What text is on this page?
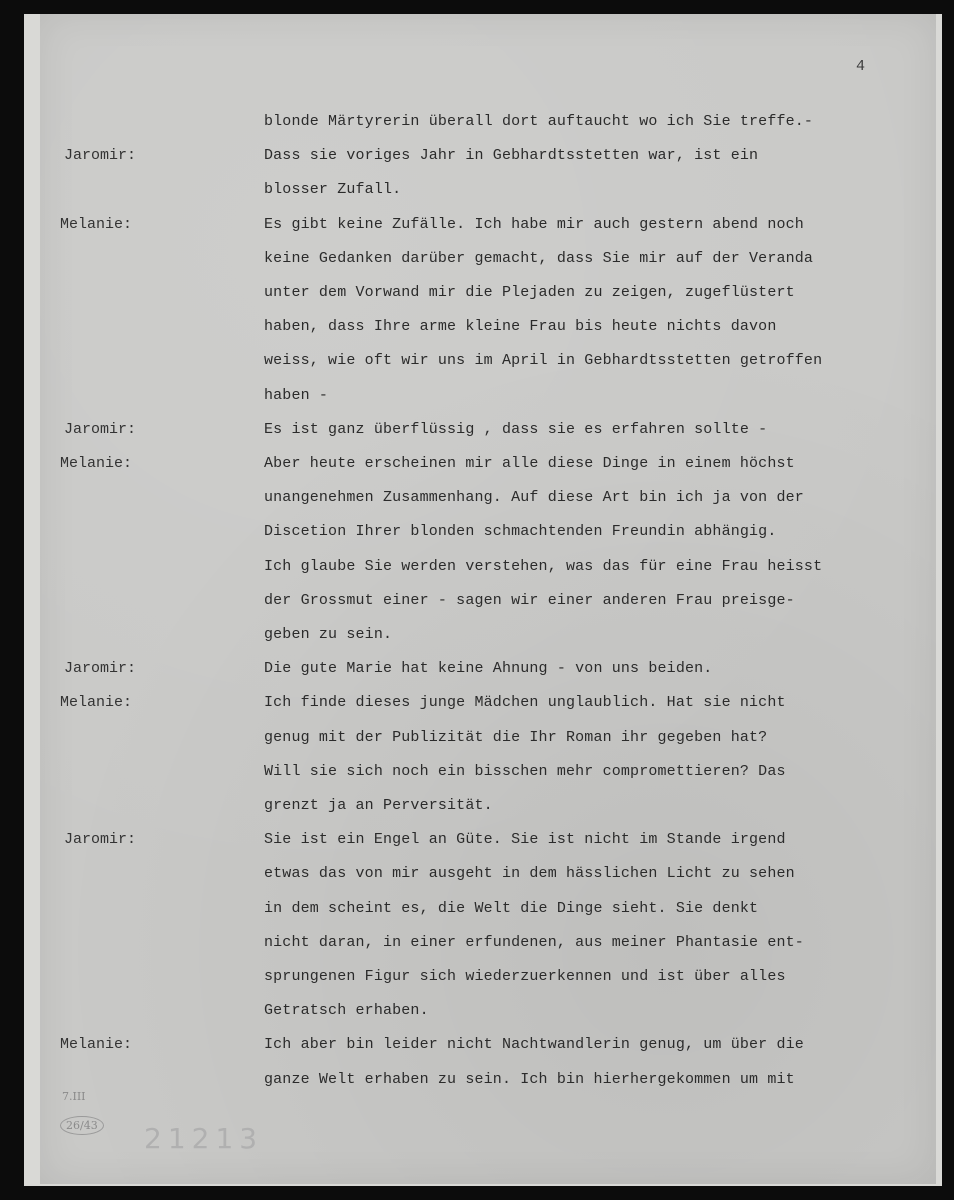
4
blonde Märtyrerin überall dort auftaucht wo ich Sie treffe.-
Jaromir:	Dass sie voriges Jahr in Gebhardtsstetten war, ist ein
blosser Zufall.
Melanie:	Es gibt keine Zufälle. Ich habe mir auch gestern abend noch
keine Gedanken darüber gemacht, dass Sie mir auf der Veranda
unter dem Vorwand mir die Plejaden zu zeigen, zugeflüstert
haben, dass Ihre arme kleine Frau bis heute nichts davon
weiss, wie oft wir uns im April in Gebhardtsstetten getroffen
haben -
Jaromir:	Es ist ganz überflüssig , dass sie es erfahren sollte -
Melanie:	Aber heute erscheinen mir alle diese Dinge in einem höchst
unangenehmen Zusammenhang. Auf diese Art bin ich ja von der
Discetion Ihrer blonden schmachtenden Freundin abhängig.
Ich glaube Sie werden verstehen, was das für eine Frau heisst
der Grossmut einer - sagen wir einer anderen Frau preisge-
geben zu sein.
Jaromir:	Die gute Marie hat keine Ahnung - von uns beiden.
Melanie:	Ich finde dieses junge Mädchen unglaublich. Hat sie nicht
genug mit der Publizität die Ihr Roman ihr gegeben hat?
Will sie sich noch ein bisschen mehr compromettieren? Das
grenzt ja an Perversität.
Jaromir:	Sie ist ein Engel an Güte. Sie ist nicht im Stande irgend
etwas das von mir ausgeht in dem hässlichen Licht zu sehen
in dem scheint es, die Welt die Dinge sieht. Sie denkt
nicht daran, in einer erfundenen, aus meiner Phantasie ent-
sprungenen Figur sich wiederzuerkennen und ist über alles
Getratsch erhaben.
Melanie:	Ich aber bin leider nicht Nachtwandlerin genug, um über die
ganze Welt erhaben zu sein. Ich bin hierhergekommen um mit
7.III
26/43 21213
